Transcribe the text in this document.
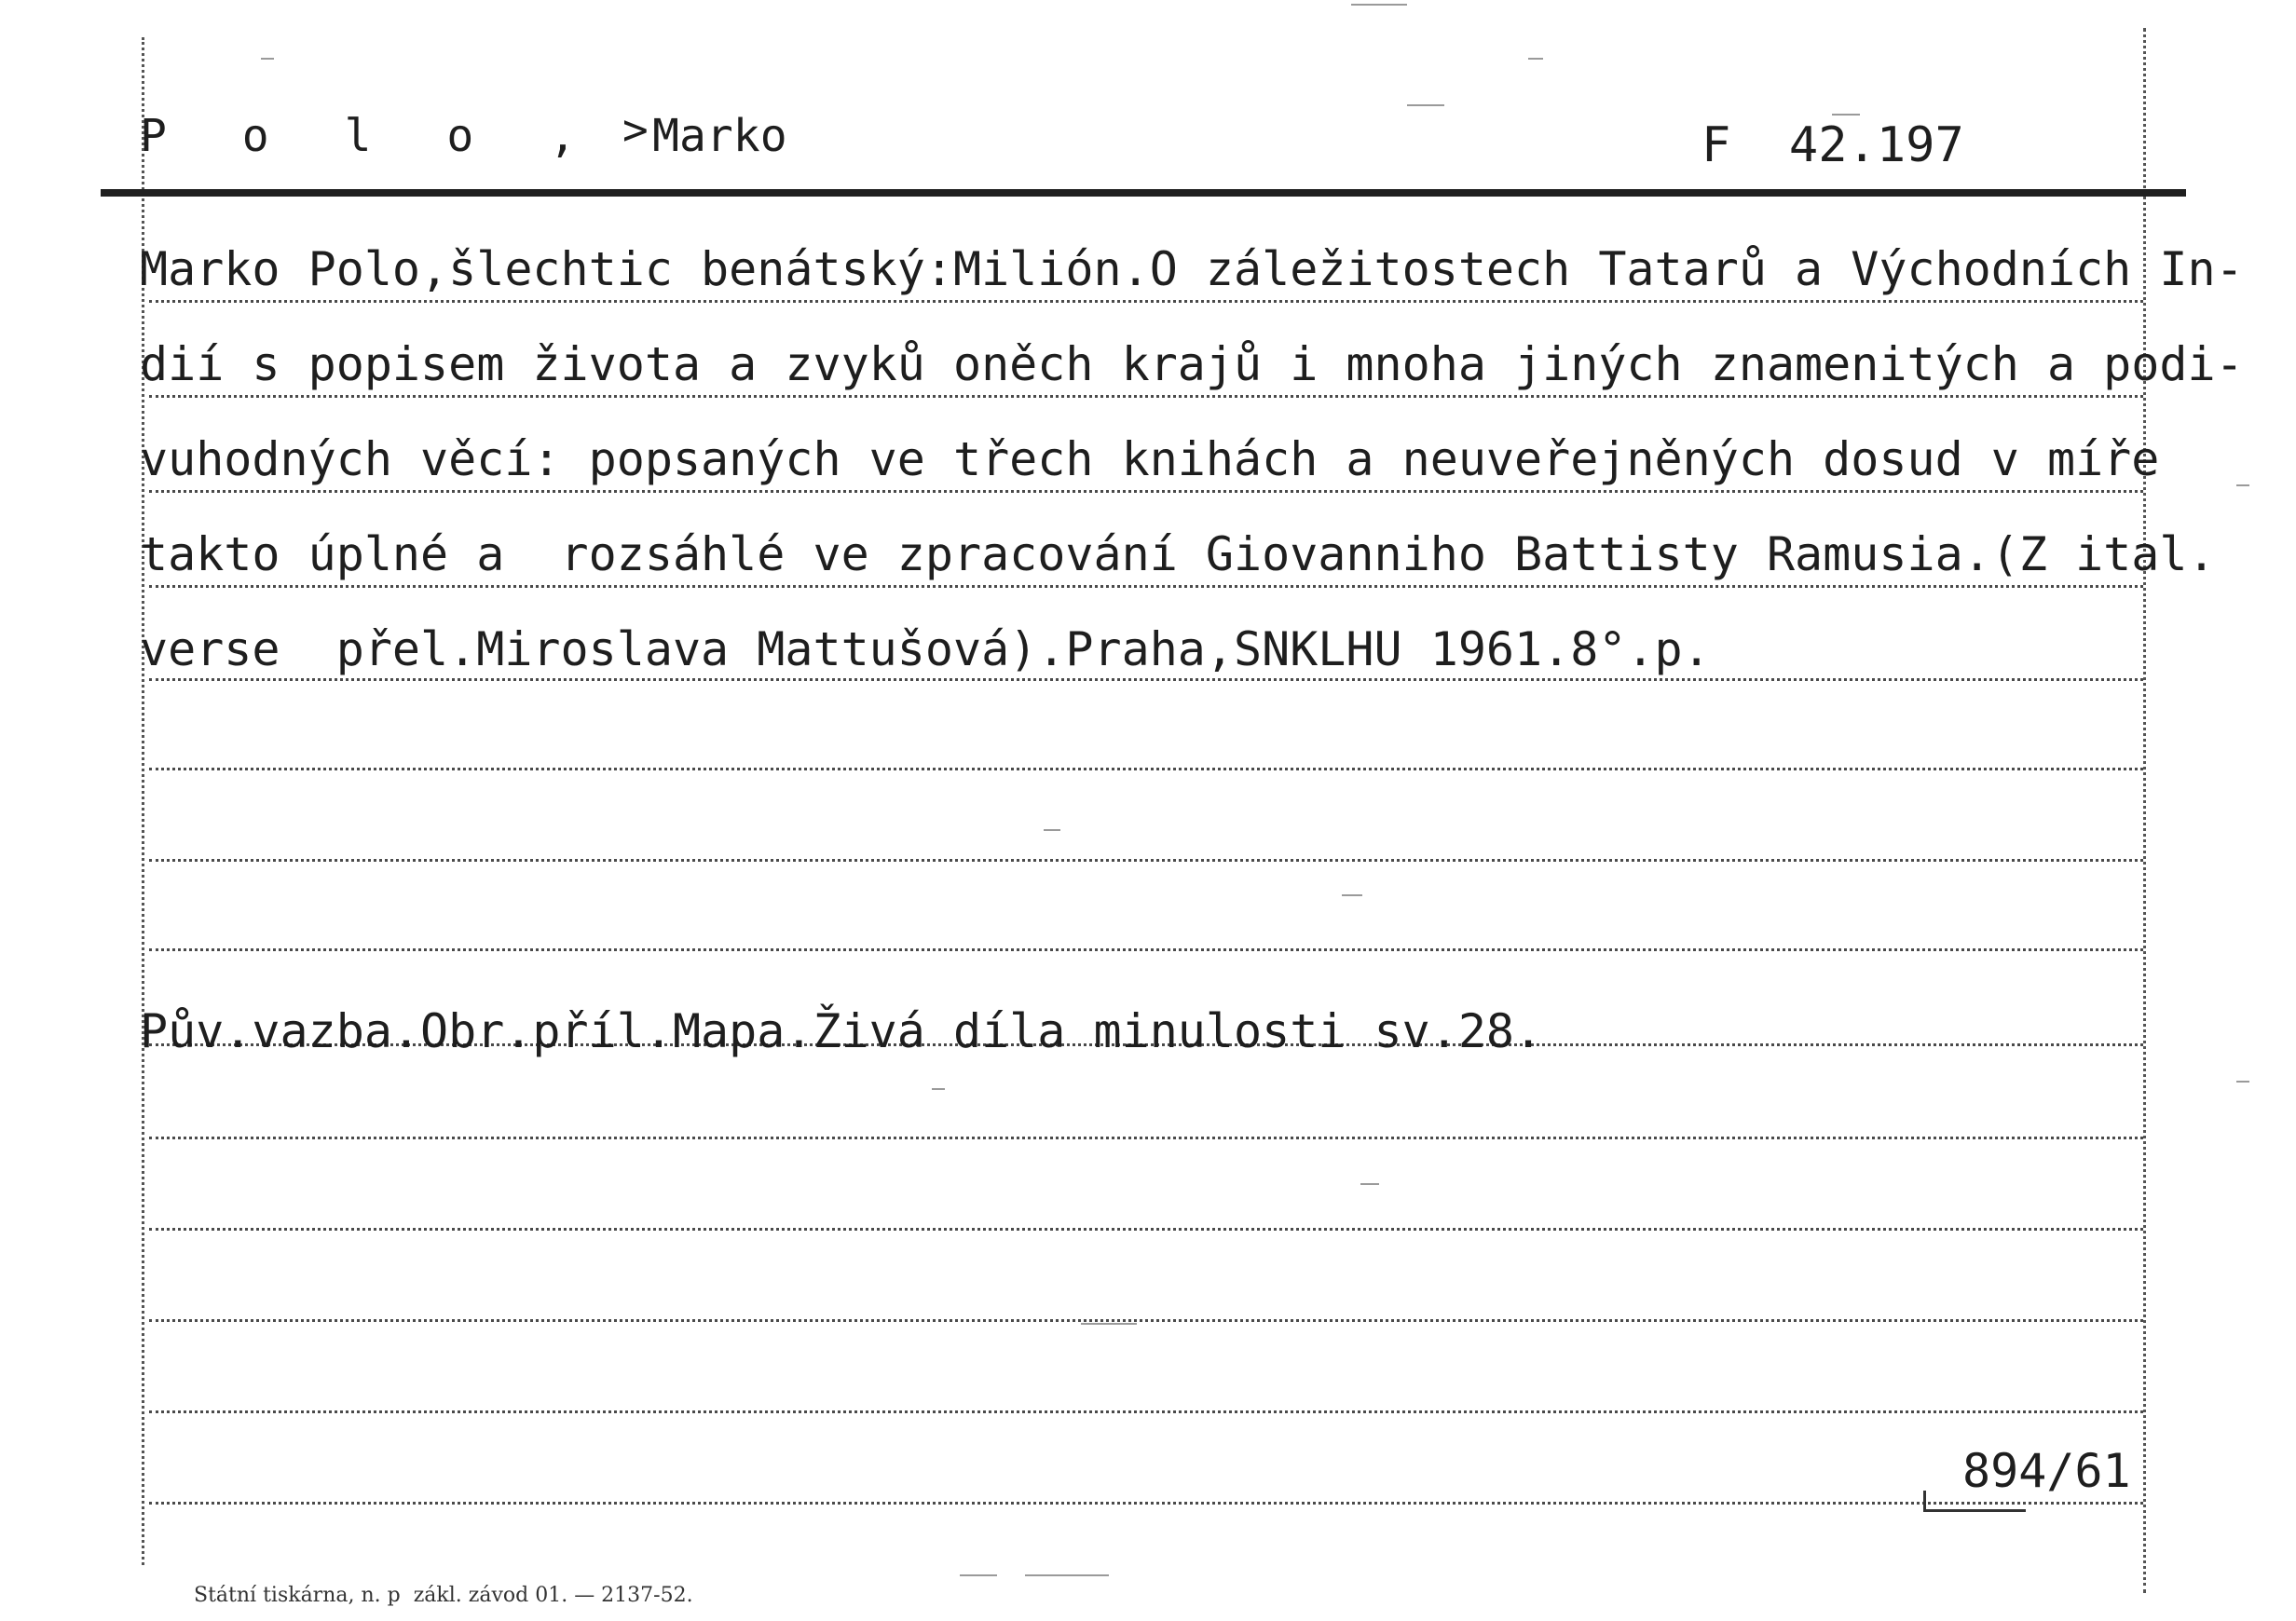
P o l o , Marko
>	F  42.197
Marko Polo,šlechtic benátský:Milión.O záležitostech Tatarů a Východních In-
dií s popisem života a zvyků oněch krajů i mnoha jiných znamenitých a podi-
vuhodných věcí: popsaných ve třech knihách a neuveřejněných dosud v míře
takto úplné a  rozsáhlé ve zpracování Giovanniho Battisty Ramusia.(Z ital.
verse  přel.Miroslava Mattušová).Praha,SNKLHU 1961.8°.p.
Pův.vazba.Obr.příl.Mapa.Živá díla minulosti sv.28.
894/61
Státní tiskárna, n. p  zákl. závod 01. — 2137-52.
